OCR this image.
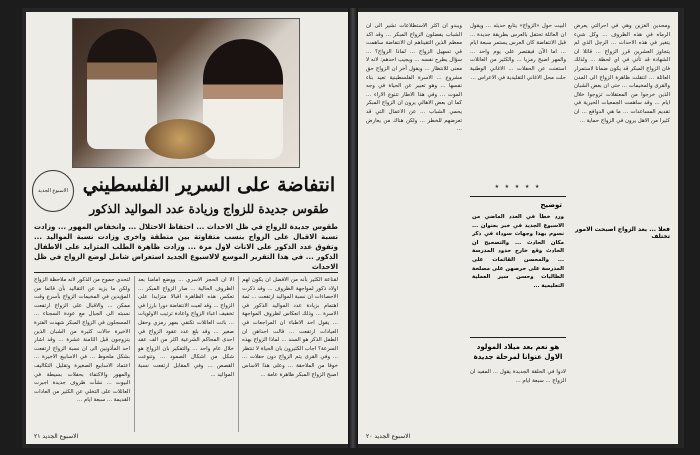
الاسبوع الجديد انتفاضة على السرير الفلسطيني
طقوس جديدة للزواج وزيادة عدد المواليد الذكور

طقوس جديدة للزواج في ظل الاحداث ... احتفاظ الاحتلال ... وانخفاض المهور ... وزادت نسبة الاقبال على الزواج بنسب متفاوتة بين منطقة واخرى وزادت نسبة المواليد ... وتفوق عدد الذكور على الاناث لاول مرة ... وزادت ظاهرة الطلب المتزايد على الاطفال الذكور ... في هذا التقرير الموسع لالاسبوع الجديد استعراض شامل لوضع الزواج في ظل الاحداث

لتحدي جموح من الذكور لانه ملاحظة الزواج ولكن ما يزيد عن التقاليد بأن قائما من المؤيدين في المخيمات الزواج بأسرع وقت ممكن ... والاقبال على الزواج ارتفعت نسبته الى الجبال مع عودة السجناء ... المسجلون في الزواج المبكر شهدت الفترة الاخيرة حالات كثيرة من الشبان الذين يتزوجون قبل الثامنة عشرة ... وقد اشار احد المأذونين الى ان نسبة الزواج ارتفعت بشكل ملحوظ ... في الاسابيع الاخيرة ... اعتماد الاسابيع الصغيرة وتقليل التكاليف والمهور والاكتفاء بحفلات بسيطة في البيوت ... نشأت ظروف جديدة اجبرت العائلات على التخلي عن الكثير من العادات القديمة ... سبعة ايام ...

الا ان الحجز الاسري ... ووضع امامنا بعد الظروف الحالية ... صار الزواج المبكر ... تعكس هذه الظاهرة اقبالا متزايدا على الزواج ... وقد لعبت الانتفاضة دورا بارزا في تخفيف اعباء الزواج واعادة ترتيب الاولويات ... باتت العائلات تكتفي بمهر رمزي وحفل صغير ... وقد بلغ عدد عقود الزواج في احدى المحاكم الشرعية اكثر من الف عقد خلال عام واحد ... والتفكير بان الزواج هو شكل من اشكال الصمود ... وتنوعت القصص ... وفي المقابل ارتفعت نسبة المواليد ...

لقناعة الكثير بأنه من الافضل ان يكون لهم اولاد ذكور لمواجهة الظروف ... وقد ذكرت الاحصاءات ان نسبة المواليد ارتفعت ... ثمة اهتمام بزيادة عدد المواليد الذكور في الاسرة ... وذلك انعكاس لظروف المواجهة ... يقول احد الاطباء ان المراجعات في العيادات ارتفعت ... قالت احداهن ان الطفل الذكر هو السند ... لماذا الزواج بهذه السرعة؟ اجاب الكثيرون بان الحياة لا تنتظر ... وفي القرى يتم الزواج دون حفلات ... خوفا من الملاحقة ... وعلى هذا الاساس اصبح الزواج المبكر ظاهرة عامة ...

الاسبوع الجديد ٢١

ومحدين الغزين وهي في احرالتي يعرض الرماه في هذه الظروف ... وكل شيء يتغير في هذه الاحداث ... الرجل الذي لم يتجاوز العشرين قرر الزواج ... قائلا ان الشهادة قد تأتي في اي لحظة ... ولذلك فان الزواج المبكر قد يكون ضمانا لاستمرار العائلة ... انتقلت ظاهرة الزواج الى المدن والقرى والمخيمات ... حتى ان بعض الشبان الذين خرجوا من المعتقلات تزوجوا خلال ايام ... وقد ساهمت الجمعيات الخيرية في تقديم المساعدات ... ما هي الدوافع ... ان كثيرا من الاهل يرون في الزواج حماية ...

فعلا ... بعد الزواج اصبحت الامور تختلف

البيت حول «الزواج» يتابع حديثه ... ويقول ان العائلة تحتفل بالعرس بطريقة جديدة ... قبل الانتفاضة كان العرس يستمر سبعة ايام ... اما الآن فيقتصر على يوم واحد ... والمهر اصبح رمزيا ... والكثير من العائلات استغنت عن الحفلات ... الاغاني الوطنية حلت محل الاغاني التقليدية في الاعراس ...

★ ★ ★ ★ ★

توضيح

ورد خطأ في العدد الماضي من الاسبوع الجديد في خبر بعنوان ... نسوم بهذا وجهات سوداء في ذكر مكان الحادث ... والتصحيح ان الحادث وقع خارج حدود المدرسة ... والمحسن القائمات على المدرسة على حرصهن على مصلحة الطالبات وحسن سير العملية التعليمية ...

هو نعم بعد ميلاد المولود الاول عنوانا لمرحلة جديدة

لادوا في الحلقة الجديدة يقول ... المفيد ان الزواج ... سبعة ايام ...

ويبدو ان اكثر الاستطلاعات تشير الى ان الشباب يفضلون الزواج المبكر ... وقد اكد معظم الذين التقيناهم ان الانتفاضة ساهمت في تسهيل الزواج ... لماذا الزواج؟ ... سؤال يطرح نفسه ... ويجيب احدهم: لانه لا معنى للانتظار ... ويقول آخر ان الزواج حق مشروع ... الاسرة الفلسطينية تعيد بناء نفسها ... وهو تعبير عن الحياة في وجه الموت ... وفي هذا الاطار تتنوع الاراء ... كما ان بعض الاهالي يرون ان الزواج المبكر يحمي الشباب ... عن الاعمال التي قد تعرضهم للخطر ... ولكن هناك من يعارض ...

الاسبوع الجديد ٢٠
